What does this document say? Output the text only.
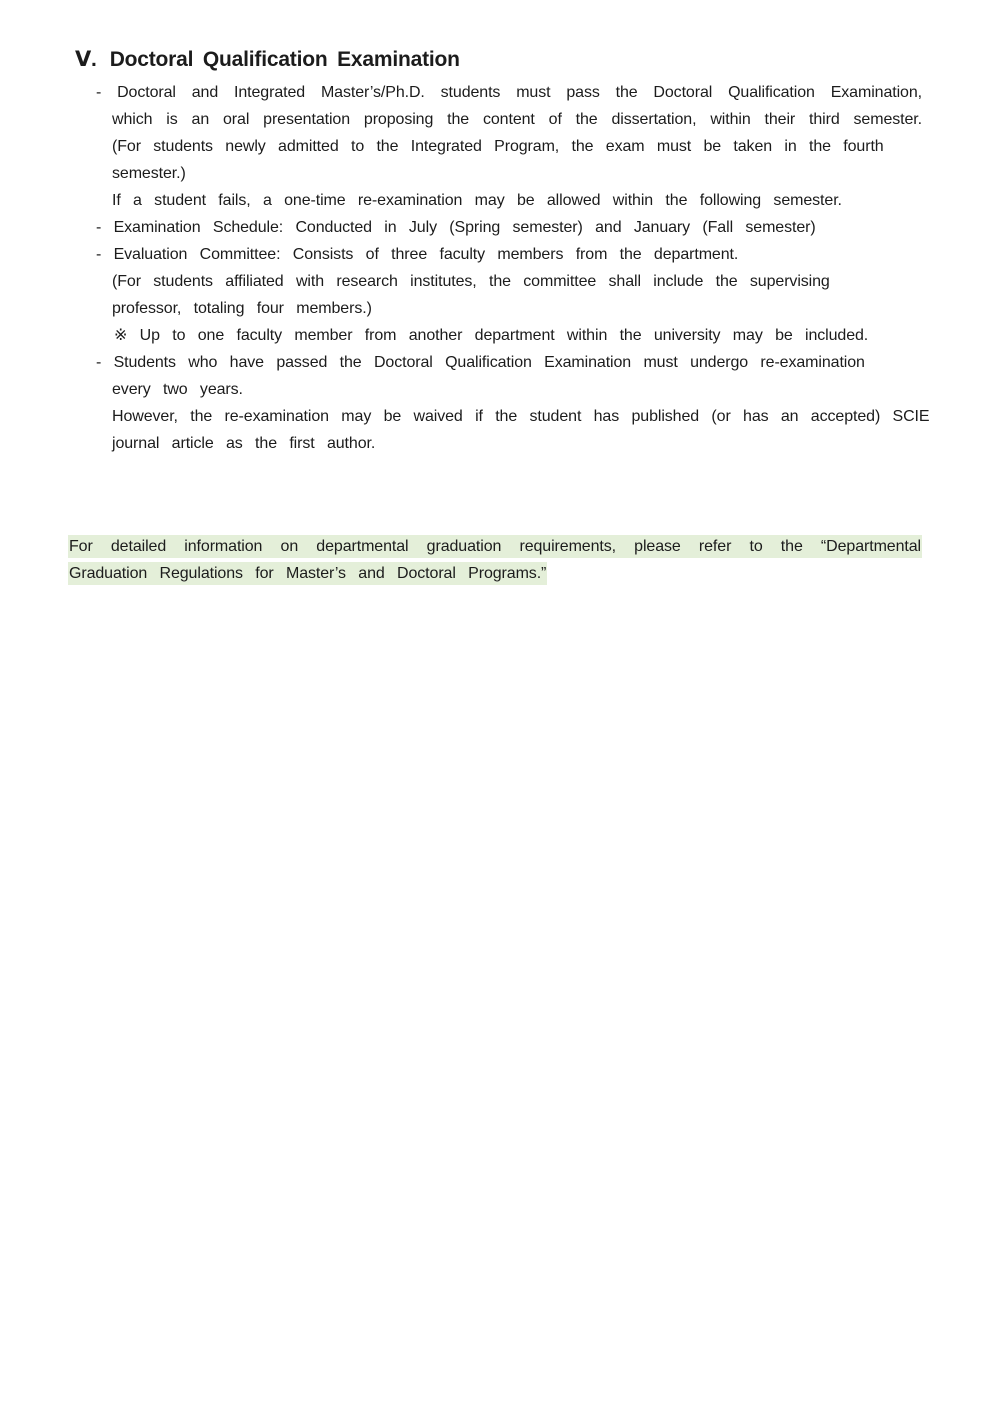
Ⅴ. Doctoral Qualification Examination

- Doctoral and Integrated Master’s/Ph.D. students must pass the Doctoral Qualification Examination,

which is an oral presentation proposing the content of the dissertation, within their third semester.

(For students newly admitted to the Integrated Program, the exam must be taken in the fourth

semester.)

If a student fails, a one-time re-examination may be allowed within the following semester.

- Examination Schedule: Conducted in July (Spring semester) and January (Fall semester)

- Evaluation Committee: Consists of three faculty members from the department.

(For students affiliated with research institutes, the committee shall include the supervising

professor, totaling four members.)

※ Up to one faculty member from another department within the university may be included.

- Students who have passed the Doctoral Qualification Examination must undergo re-examination

every two years.

However, the re-examination may be waived if the student has published (or has an accepted) SCIE

journal article as the first author.

For detailed information on departmental graduation requirements, please refer to the “Departmental

Graduation Regulations for Master’s and Doctoral Programs.”
